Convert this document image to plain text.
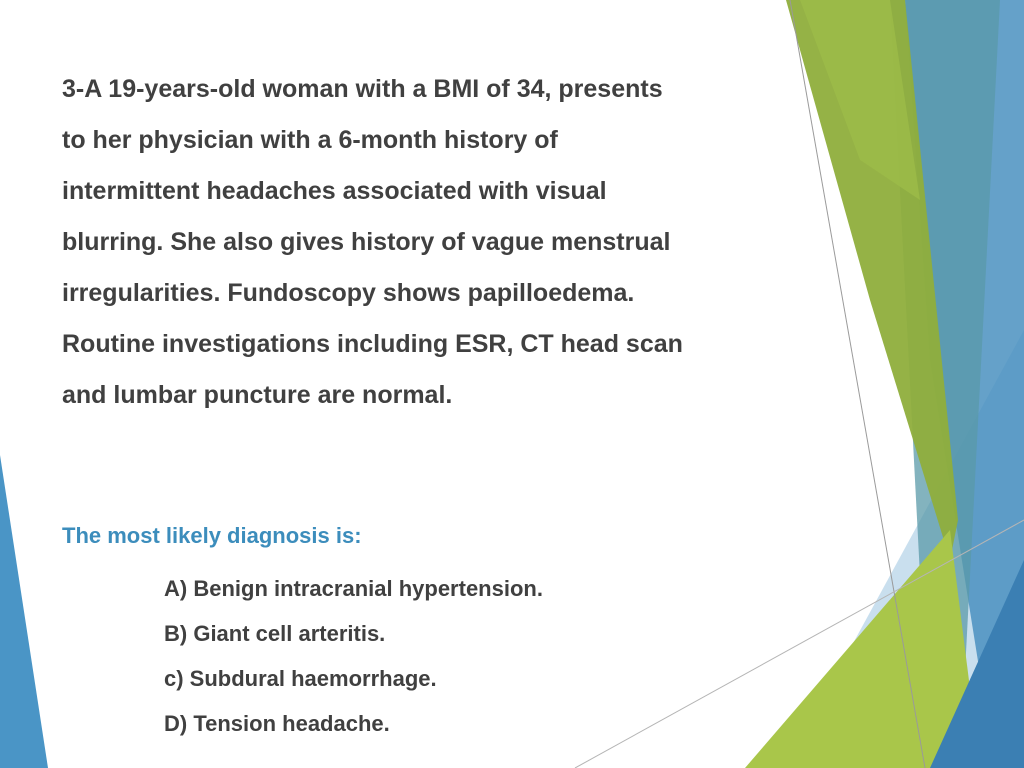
3-A 19-years-old woman with a BMI of 34, presents
to her physician with a 6-month history of
intermittent headaches associated with visual
blurring. She also gives history of vague menstrual
irregularities. Fundoscopy shows papilloedema.
Routine investigations including ESR, CT head scan
and lumbar puncture are normal.
The most likely diagnosis is:
A) Benign intracranial hypertension.
B) Giant cell arteritis.
c) Subdural haemorrhage.
D) Tension headache.
